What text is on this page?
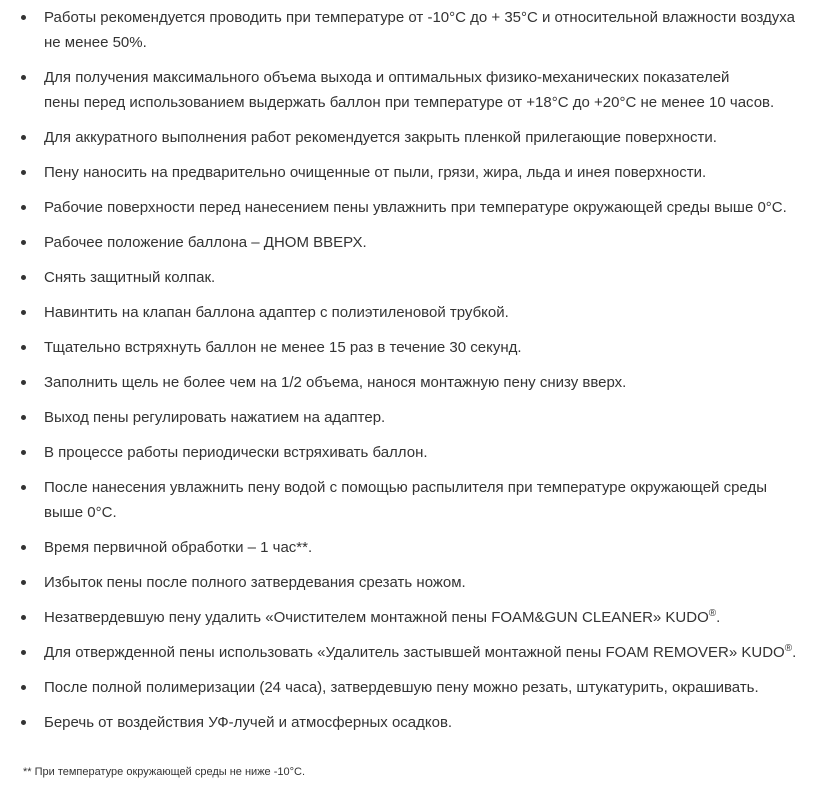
Работы рекомендуется проводить при температуре от -10°C до + 35°C и относительной влажности воздуха не менее 50%.
Для получения максимального объема выхода и оптимальных физико-механических показателей
пены перед использованием выдержать баллон при температуре от +18°C до +20°C не менее 10 часов.
Для аккуратного выполнения работ рекомендуется закрыть пленкой прилегающие поверхности.
Пену наносить на предварительно очищенные от пыли, грязи, жира, льда и инея поверхности.
Рабочие поверхности перед нанесением пены увлажнить при температуре окружающей среды выше 0°C.
Рабочее положение баллона – ДНОМ ВВЕРХ.
Снять защитный колпак.
Навинтить на клапан баллона адаптер с полиэтиленовой трубкой.
Тщательно встряхнуть баллон не менее 15 раз в течение 30 секунд.
Заполнить щель не более чем на 1/2 объема, нанося монтажную пену снизу вверх.
Выход пены регулировать нажатием на адаптер.
В процессе работы периодически встряхивать баллон.
После нанесения увлажнить пену водой с помощью распылителя при температуре окружающей среды выше 0°C.
Время первичной обработки – 1 час**.
Избыток пены после полного затвердевания срезать ножом.
Незатвердевшую пену удалить «Очистителем монтажной пены FOAM&GUN CLEANER» KUDO®.
Для отвержденной пены использовать «Удалитель застывшей монтажной пены FOAM REMOVER» KUDO®.
После полной полимеризации (24 часа), затвердевшую пену можно резать, штукатурить, окрашивать.
Беречь от воздействия УФ-лучей и атмосферных осадков.
** При температуре окружающей среды не ниже -10°С.
